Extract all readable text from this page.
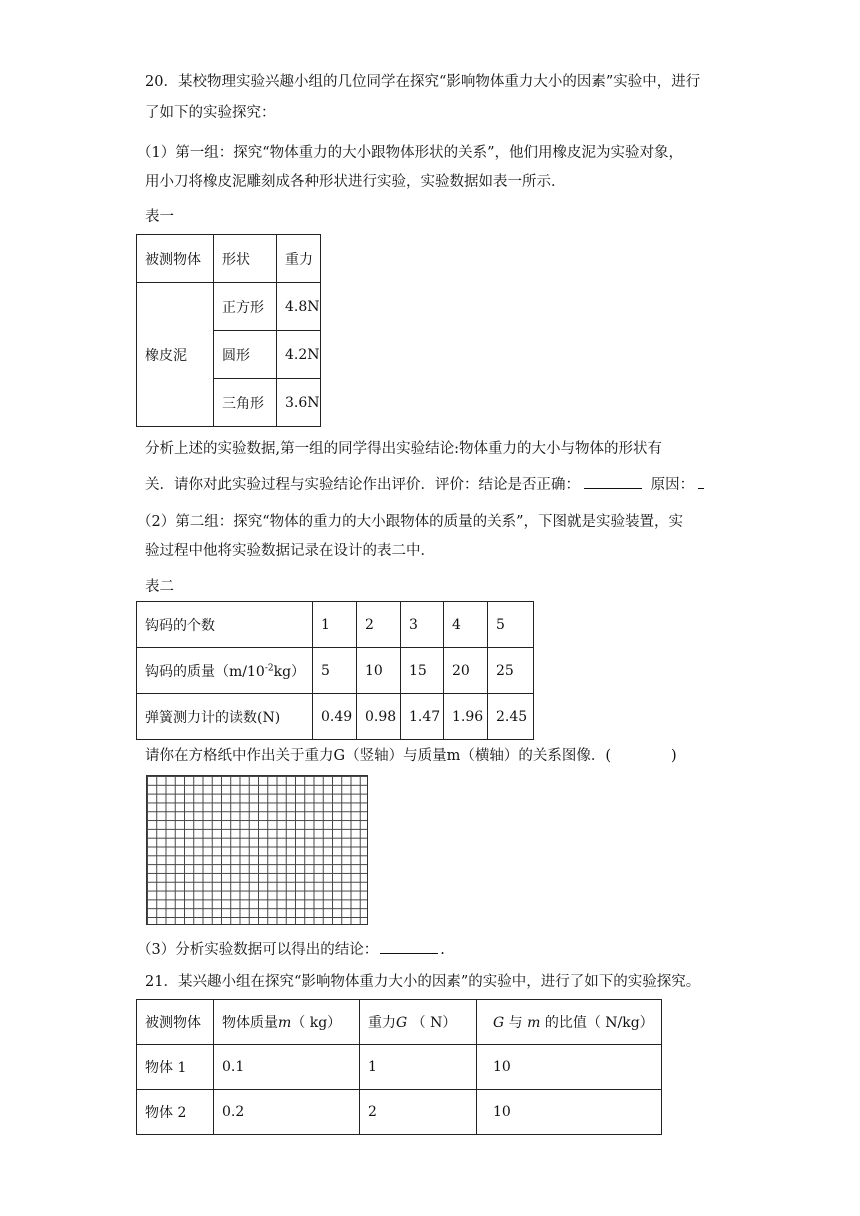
20．某校物理实验兴趣小组的几位同学在探究“影响物体重力大小的因素”实验中，进行
了如下的实验探究：
（1）第一组：探究“物体重力的大小跟物体形状的关系”，他们用橡皮泥为实验对象，
用小刀将橡皮泥雕刻成各种形状进行实验，实验数据如表一所示．
表一
被测物体	形状	重力
橡皮泥	正方形	4.8N
	圆形	4.2N
	三角形	3.6N
分析上述的实验数据,第一组的同学得出实验结论:物体重力的大小与物体的形状有
关．请你对此实验过程与实验结论作出评价．评价：结论是否正确：	原因：
（2）第二组：探究“物体的重力的大小跟物体的质量的关系”，下图就是实验装置，实
验过程中他将实验数据记录在设计的表二中．
表二
钩码的个数	1	2	3	4	5
钩码的质量$(m/10^{-2}kg)$	5	10	15	20	25
弹簧测力计的读数(N)	0.49	0.98	1.47	1.96	2.45
请你在方格纸中作出关于重力G（竖轴）与质量m（横轴）的关系图像．(	)
（3）分析实验数据可以得出的结论：	.
21．某兴趣小组在探究“影响物体重力大小的因素”的实验中，进行了如下的实验探究。
被测物体	物体质量m（ kg）	重力G （ N）	G 与 m 的比值（ N/kg）
物体 1	0.1	1	10
物体 2	0.2	2	10
